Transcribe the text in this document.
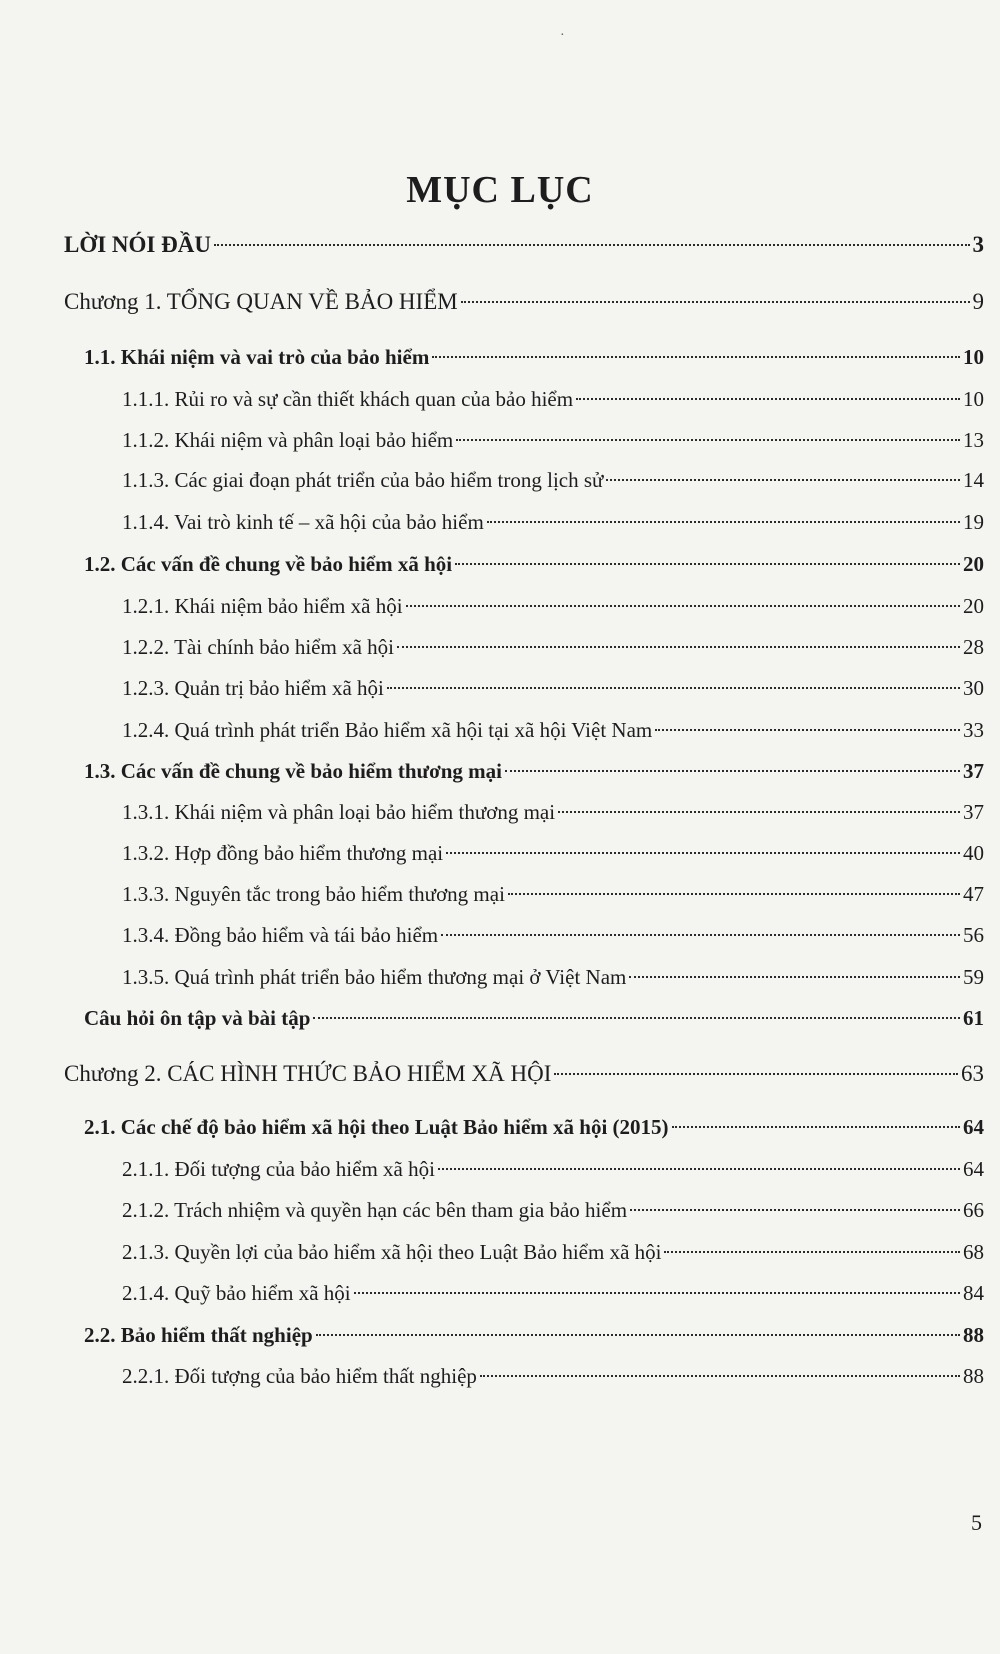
·
MỤC LỤC
LỜI NÓI ĐẦU	3
Chương 1. TỔNG QUAN VỀ BẢO HIỂM	9
1.1. Khái niệm và vai trò của bảo hiểm	10
1.1.1. Rủi ro và sự cần thiết khách quan của bảo hiểm	10
1.1.2. Khái niệm và phân loại bảo hiểm	13
1.1.3. Các giai đoạn phát triển của bảo hiểm trong lịch sử	14
1.1.4. Vai trò kinh tế – xã hội của bảo hiểm	19
1.2. Các vấn đề chung về bảo hiểm xã hội	20
1.2.1. Khái niệm bảo hiểm xã hội	20
1.2.2. Tài chính bảo hiểm xã hội	28
1.2.3. Quản trị bảo hiểm xã hội	30
1.2.4. Quá trình phát triển Bảo hiểm xã hội tại xã hội Việt Nam	33
1.3. Các vấn đề chung về bảo hiểm thương mại	37
1.3.1. Khái niệm và phân loại bảo hiểm thương mại	37
1.3.2. Hợp đồng bảo hiểm thương mại	40
1.3.3. Nguyên tắc trong bảo hiểm thương mại	47
1.3.4. Đồng bảo hiểm và tái bảo hiểm	56
1.3.5. Quá trình phát triển bảo hiểm thương mại ở Việt Nam	59
Câu hỏi ôn tập và bài tập	61
Chương 2. CÁC HÌNH THỨC BẢO HIỂM XÃ HỘI	63
2.1. Các chế độ bảo hiểm xã hội theo Luật Bảo hiểm xã hội (2015)	64
2.1.1. Đối tượng của bảo hiểm xã hội	64
2.1.2. Trách nhiệm và quyền hạn các bên tham gia bảo hiểm	66
2.1.3. Quyền lợi của bảo hiểm xã hội theo Luật Bảo hiểm xã hội	68
2.1.4. Quỹ bảo hiểm xã hội	84
2.2. Bảo hiểm thất nghiệp	88
2.2.1. Đối tượng của bảo hiểm thất nghiệp	88
5
